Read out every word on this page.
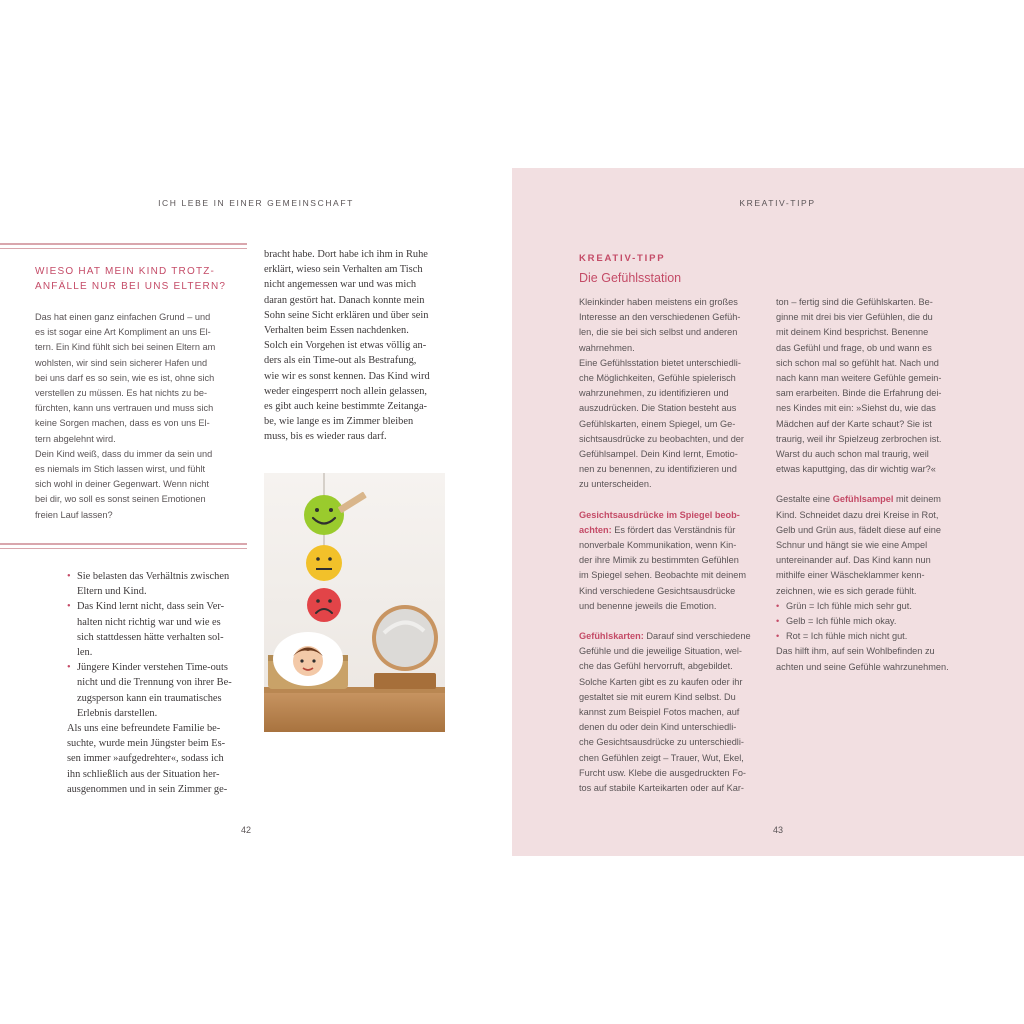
ICH LEBE IN EINER GEMEINSCHAFT
WIESO HAT MEIN KIND TROTZ-
ANFÄLLE NUR BEI UNS ELTERN?
Das hat einen ganz einfachen Grund – und
es ist sogar eine Art Kompliment an uns El-
tern. Ein Kind fühlt sich bei seinen Eltern am
wohlsten, wir sind sein sicherer Hafen und
bei uns darf es so sein, wie es ist, ohne sich
verstellen zu müssen. Es hat nichts zu be-
fürchten, kann uns vertrauen und muss sich
keine Sorgen machen, dass es von uns El-
tern abgelehnt wird.
Dein Kind weiß, dass du immer da sein und
es niemals im Stich lassen wirst, und fühlt
sich wohl in deiner Gegenwart. Wenn nicht
bei dir, wo soll es sonst seinen Emotionen
freien Lauf lassen?
• Sie belasten das Verhältnis zwischen
Eltern und Kind.
• Das Kind lernt nicht, dass sein Ver-
halten nicht richtig war und wie es
sich stattdessen hätte verhalten sol-
len.
• Jüngere Kinder verstehen Time-outs
nicht und die Trennung von ihrer Be-
zugsperson kann ein traumatisches
Erlebnis darstellen.
Als uns eine befreundete Familie be-
suchte, wurde mein Jüngster beim Es-
sen immer »aufgedrehter«, sodass ich
ihn schließlich aus der Situation her-
ausgenommen und in sein Zimmer ge-
bracht habe. Dort habe ich ihm in Ruhe
erklärt, wieso sein Verhalten am Tisch
nicht angemessen war und was mich
daran gestört hat. Danach konnte mein
Sohn seine Sicht erklären und über sein
Verhalten beim Essen nachdenken.
Solch ein Vorgehen ist etwas völlig an-
ders als ein Time-out als Bestrafung,
wie wir es sonst kennen. Das Kind wird
weder eingesperrt noch allein gelassen,
es gibt auch keine bestimmte Zeitanga-
be, wie lange es im Zimmer bleiben
muss, bis es wieder raus darf.
42
KREATIV-TIPP
KREATIV-TIPP
Die Gefühlsstation
Kleinkinder haben meistens ein großes
Interesse an den verschiedenen Gefüh-
len, die sie bei sich selbst und anderen
wahrnehmen.
Eine Gefühlsstation bietet unterschiedli-
che Möglichkeiten, Gefühle spielerisch
wahrzunehmen, zu identifizieren und
auszudrücken. Die Station besteht aus
Gefühlskarten, einem Spiegel, um Ge-
sichtsausdrücke zu beobachten, und der
Gefühlsampel. Dein Kind lernt, Emotio-
nen zu benennen, zu identifizieren und
zu unterscheiden.
Gesichtsausdrücke im Spiegel beob-
achten: Es fördert das Verständnis für
nonverbale Kommunikation, wenn Kin-
der ihre Mimik zu bestimmten Gefühlen
im Spiegel sehen. Beobachte mit deinem
Kind verschiedene Gesichtsausdrücke
und benenne jeweils die Emotion.
Gefühlskarten: Darauf sind verschiedene
Gefühle und die jeweilige Situation, wel-
che das Gefühl hervorruft, abgebildet.
Solche Karten gibt es zu kaufen oder ihr
gestaltet sie mit eurem Kind selbst. Du
kannst zum Beispiel Fotos machen, auf
denen du oder dein Kind unterschiedli-
che Gesichtsausdrücke zu unterschiedli-
chen Gefühlen zeigt – Trauer, Wut, Ekel,
Furcht usw. Klebe die ausgedruckten Fo-
tos auf stabile Karteikarten oder auf Kar-
ton – fertig sind die Gefühlskarten. Be-
ginne mit drei bis vier Gefühlen, die du
mit deinem Kind besprichst. Benenne
das Gefühl und frage, ob und wann es
sich schon mal so gefühlt hat. Nach und
nach kann man weitere Gefühle gemein-
sam erarbeiten. Binde die Erfahrung dei-
nes Kindes mit ein: »Siehst du, wie das
Mädchen auf der Karte schaut? Sie ist
traurig, weil ihr Spielzeug zerbrochen ist.
Warst du auch schon mal traurig, weil
etwas kaputtging, das dir wichtig war?«
Gestalte eine Gefühlsampel mit deinem
Kind. Schneidet dazu drei Kreise in Rot,
Gelb und Grün aus, fädelt diese auf eine
Schnur und hängt sie wie eine Ampel
untereinander auf. Das Kind kann nun
mithilfe einer Wäscheklammer kenn-
zeichnen, wie es sich gerade fühlt.
• Grün = Ich fühle mich sehr gut.
• Gelb = Ich fühle mich okay.
• Rot = Ich fühle mich nicht gut.
Das hilft ihm, auf sein Wohlbefinden zu
achten und seine Gefühle wahrzunehmen.
43
